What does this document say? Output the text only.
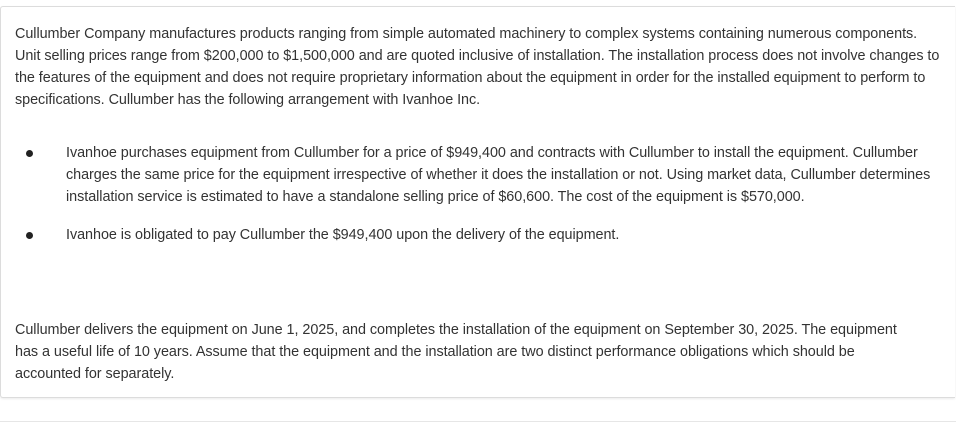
Cullumber Company manufactures products ranging from simple automated machinery to complex systems containing numerous components. Unit selling prices range from $200,000 to $1,500,000 and are quoted inclusive of installation. The installation process does not involve changes to the features of the equipment and does not require proprietary information about the equipment in order for the installed equipment to perform to specifications. Cullumber has the following arrangement with Ivanhoe Inc.

Ivanhoe purchases equipment from Cullumber for a price of $949,400 and contracts with Cullumber to install the equipment. Cullumber charges the same price for the equipment irrespective of whether it does the installation or not. Using market data, Cullumber determines installation service is estimated to have a standalone selling price of $60,600. The cost of the equipment is $570,000.
Ivanhoe is obligated to pay Cullumber the $949,400 upon the delivery of the equipment.

Cullumber delivers the equipment on June 1, 2025, and completes the installation of the equipment on September 30, 2025. The equipment has a useful life of 10 years. Assume that the equipment and the installation are two distinct performance obligations which should be accounted for separately.
